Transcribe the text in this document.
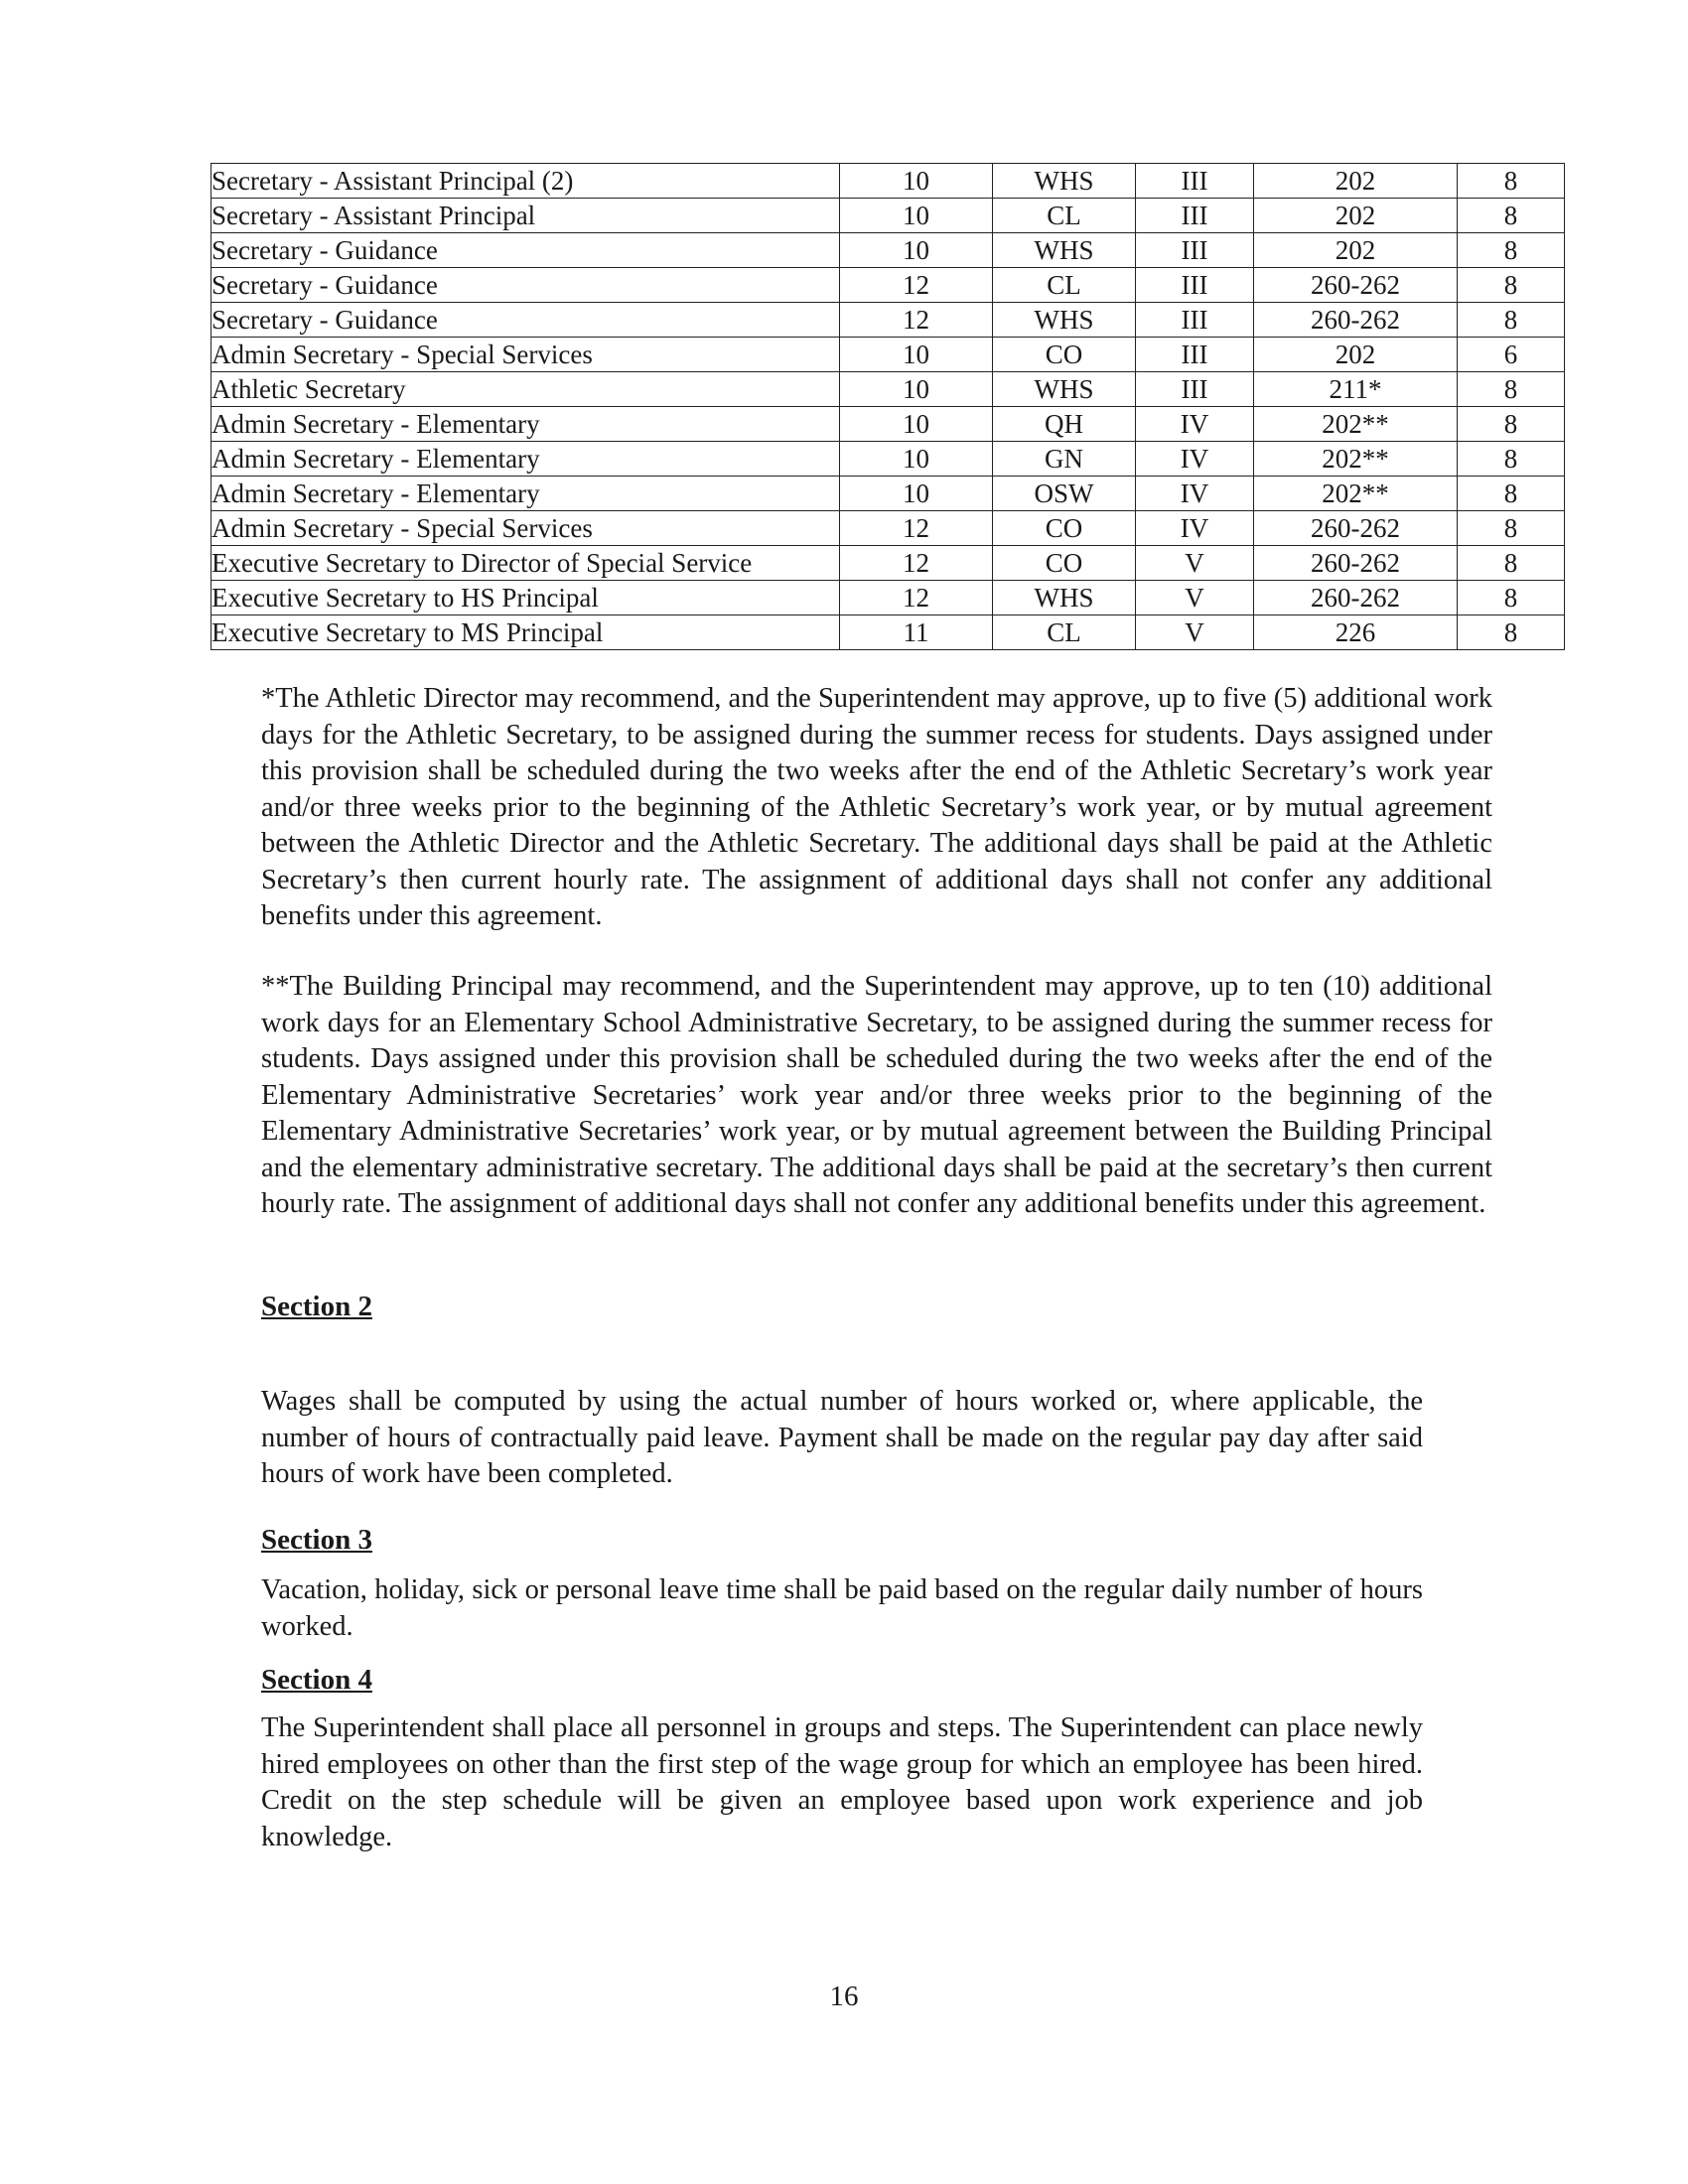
Secretary - Assistant Principal (2)	10	WHS	III	202	8
Secretary - Assistant Principal	10	CL	III	202	8
Secretary - Guidance	10	WHS	III	202	8
Secretary - Guidance	12	CL	III	260-262	8
Secretary - Guidance	12	WHS	III	260-262	8
Admin Secretary - Special Services	10	CO	III	202	6
Athletic Secretary	10	WHS	III	211*	8
Admin Secretary - Elementary	10	QH	IV	202**	8
Admin Secretary - Elementary	10	GN	IV	202**	8
Admin Secretary - Elementary	10	OSW	IV	202**	8
Admin Secretary - Special Services	12	CO	IV	260-262	8
Executive Secretary to Director of Special Service	12	CO	V	260-262	8
Executive Secretary to HS Principal	12	WHS	V	260-262	8
Executive Secretary to MS Principal	11	CL	V	226	8

*The Athletic Director may recommend, and the Superintendent may approve, up to five (5) additional work days for the Athletic Secretary, to be assigned during the summer recess for students. Days assigned under this provision shall be scheduled during the two weeks after the end of the Athletic Secretary’s work year and/or three weeks prior to the beginning of the Athletic Secretary’s work year, or by mutual agreement between the Athletic Director and the Athletic Secretary. The additional days shall be paid at the Athletic Secretary’s then current hourly rate. The assignment of additional days shall not confer any additional benefits under this agreement.

**The Building Principal may recommend, and the Superintendent may approve, up to ten (10) additional work days for an Elementary School Administrative Secretary, to be assigned during the summer recess for students. Days assigned under this provision shall be scheduled during the two weeks after the end of the Elementary Administrative Secretaries’ work year and/or three weeks prior to the beginning of the Elementary Administrative Secretaries’ work year, or by mutual agreement between the Building Principal and the elementary administrative secretary. The additional days shall be paid at the secretary’s then current hourly rate. The assignment of additional days shall not confer any additional benefits under this agreement.

Section 2

Wages shall be computed by using the actual number of hours worked or, where applicable, the number of hours of contractually paid leave. Payment shall be made on the regular pay day after said hours of work have been completed.

Section 3

Vacation, holiday, sick or personal leave time shall be paid based on the regular daily number of hours worked.

Section 4

The Superintendent shall place all personnel in groups and steps. The Superintendent can place newly hired employees on other than the first step of the wage group for which an employee has been hired. Credit on the step schedule will be given an employee based upon work experience and job knowledge.

16
